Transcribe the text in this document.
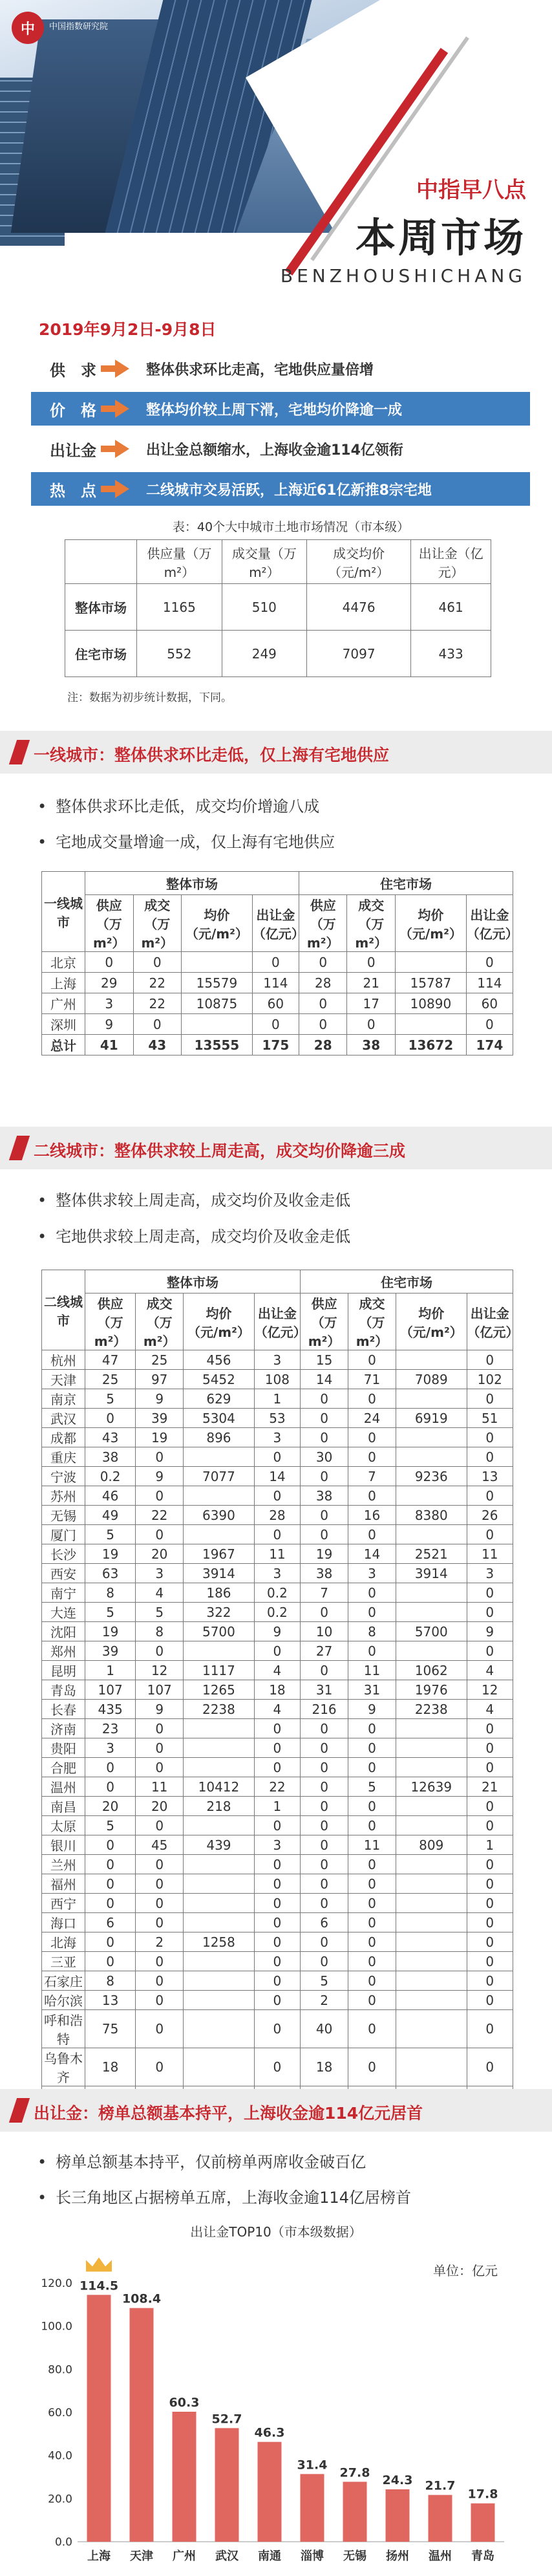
中 中国指数研究院
中指早八点
本周市场
BENZHOUSHICHANG
2019年9月2日-9月8日
供　求	整体供求环比走高，宅地供应量倍增
价　格	整体均价较上周下滑，宅地均价降逾一成
出让金	出让金总额缩水，上海收金逾114亿领衔
热　点	二线城市交易活跃，上海近61亿新推8宗宅地
表：40个大中城市土地市场情况（市本级）
	供应量（万m²）	成交量（万m²）	成交均价（元/m²）	出让金（亿元）
整体市场	1165	510	4476	461
住宅市场	552	249	7097	433
注：数据为初步统计数据，下同。
一线城市：整体供求环比走低，仅上海有宅地供应
• 整体供求环比走低，成交均价增逾八成
• 宅地成交量增逾一成，仅上海有宅地供应
一线城市	整体市场				住宅市场			
	供应（万m²）	成交（万m²）	均价（元/m²）	出让金（亿元）	供应（万m²）	成交（万m²）	均价（元/m²）	出让金（亿元）
北京	0	0		0	0	0		0
上海	29	22	15579	114	28	21	15787	114
广州	3	22	10875	60	0	17	10890	60
深圳	9	0		0	0	0		0
总计	41	43	13555	175	28	38	13672	174
二线城市：整体供求较上周走高，成交均价降逾三成
• 整体供求较上周走高，成交均价及收金走低
• 宅地供求较上周走高，成交均价及收金走低
二线城市	整体市场				住宅市场			
	供应（万m²）	成交（万m²）	均价（元/m²）	出让金（亿元）	供应（万m²）	成交（万m²）	均价（元/m²）	出让金（亿元）
杭州	47	25	456	3	15	0		0
天津	25	97	5452	108	14	71	7089	102
南京	5	9	629	1	0	0		0
武汉	0	39	5304	53	0	24	6919	51
成都	43	19	896	3	0	0		0
重庆	38	0		0	30	0		0
宁波	0.2	9	7077	14	0	7	9236	13
苏州	46	0		0	38	0		0
无锡	49	22	6390	28	0	16	8380	26
厦门	5	0		0	0	0		0
长沙	19	20	1967	11	19	14	2521	11
西安	63	3	3914	3	38	3	3914	3
南宁	8	4	186	0.2	7	0		0
大连	5	5	322	0.2	0	0		0
沈阳	19	8	5700	9	10	8	5700	9
郑州	39	0		0	27	0		0
昆明	1	12	1117	4	0	11	1062	4
青岛	107	107	1265	18	31	31	1976	12
长春	435	9	2238	4	216	9	2238	4
济南	23	0		0	0	0		0
贵阳	3	0		0	0	0		0
合肥	0	0		0	0	0		0
温州	0	11	10412	22	0	5	12639	21
南昌	20	20	218	1	0	0		0
太原	5	0		0	0	0		0
银川	0	45	439	3	0	11	809	1
兰州	0	0		0	0	0		0
福州	0	0		0	0	0		0
西宁	0	0		0	0	0		0
海口	6	0		0	6	0		0
北海	0	2	1258	0	0	0		0
三亚	0	0		0	0	0		0
石家庄	8	0		0	5	0		0
哈尔滨	13	0		0	2	0		0
呼和浩特	75	0		0	40	0		0
乌鲁木齐	18	0		0	18	0		0

出让金：榜单总额基本持平，上海收金逾114亿元居首
• 榜单总额基本持平，仅前榜单两席收金破百亿
• 长三角地区占据榜单五席，上海收金逾114亿居榜首
出让金TOP10（市本级数据）
单位：亿元
0.0
20.0
40.0
60.0
80.0
100.0
120.0 114.5
上海
108.4
天津
60.3
广州
52.7
武汉
46.3
南通
31.4
淄博
27.8
无锡
24.3
扬州
21.7
温州
17.8
青岛
